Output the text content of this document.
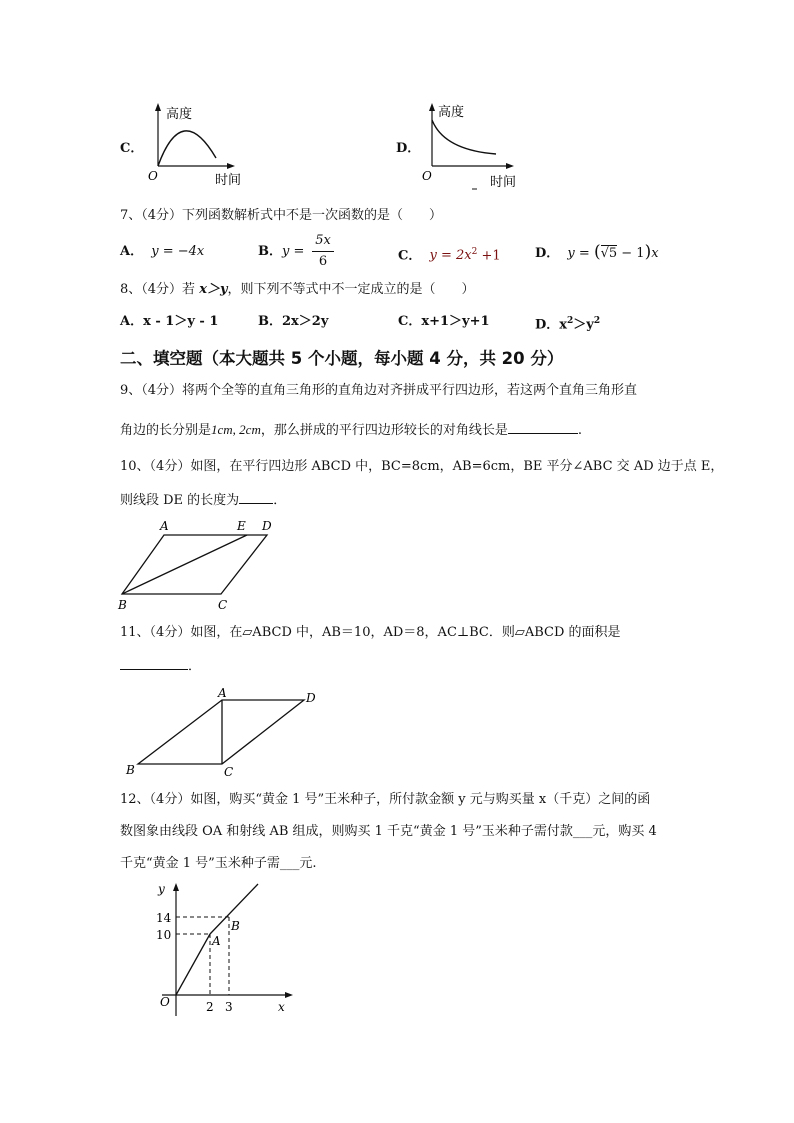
C．
高度
O	时间
D．
高度
O	时间
7、（4分）下列函数解析式中不是一次函数的是（　　）
A． y = −4x	B． y =
5x
6	C． $y = 2x^2 +1$	D． y = (√5 − 1)x
8、（4分）若 x＞y，则下列不等式中不一定成立的是（　　）
A．x - 1＞y - 1	B．2x＞2y	C．x+1＞y+1	D．$x^2>y^2$
二、填空题（本大题共 5 个小题，每小题 4 分，共 20 分）
9、（4分）将两个全等的直角三角形的直角边对齐拼成平行四边形，若这两个直角三角形直
角边的长分别是1cm, 2cm，那么拼成的平行四边形较长的对角线长是	.
10、（4分）如图，在平行四边形 ABCD 中，BC=8cm，AB=6cm，BE 平分∠ABC 交 AD 边于点 E，
则线段 DE 的长度为	．
A	E D
B	C
11、（4分）如图，在▱ABCD 中，AB＝10，AD＝8，AC⊥BC．则▱ABCD 的面积是
．
A	D
B	C
12、（4分）如图，购买“黄金 1 号”王米种子，所付款金额 y 元与购买量 x（千克）之间的函
数图象由线段 OA 和射线 AB 组成，则购买 1 千克“黄金 1 号”玉米种子需付款___元，购买 4
千克“黄金 1 号”玉米种子需___元.
y
x
O
14
10
2 3
A
B
